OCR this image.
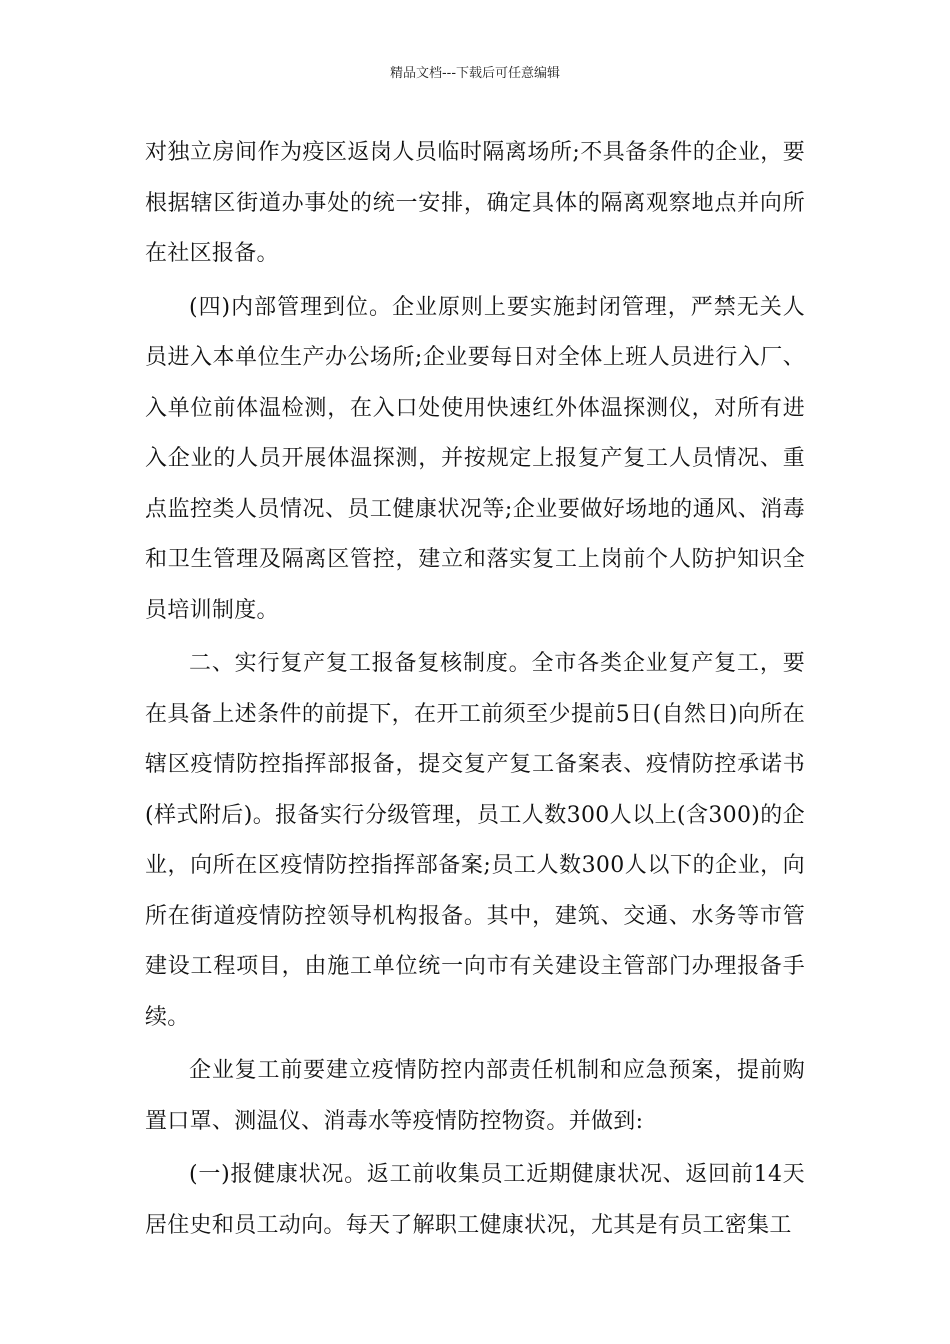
精品文档---下载后可任意编辑

对独立房间作为疫区返岗人员临时隔离场所;不具备条件的企业，要根据辖区街道办事处的统一安排，确定具体的隔离观察地点并向所在社区报备。

(四)内部管理到位。企业原则上要实施封闭管理，严禁无关人员进入本单位生产办公场所;企业要每日对全体上班人员进行入厂、入单位前体温检测，在入口处使用快速红外体温探测仪，对所有进入企业的人员开展体温探测，并按规定上报复产复工人员情况、重点监控类人员情况、员工健康状况等;企业要做好场地的通风、消毒和卫生管理及隔离区管控，建立和落实复工上岗前个人防护知识全员培训制度。

二、实行复产复工报备复核制度。全市各类企业复产复工，要在具备上述条件的前提下，在开工前须至少提前5日(自然日)向所在辖区疫情防控指挥部报备，提交复产复工备案表、疫情防控承诺书(样式附后)。报备实行分级管理，员工人数300人以上(含300)的企业，向所在区疫情防控指挥部备案;员工人数300人以下的企业，向所在街道疫情防控领导机构报备。其中，建筑、交通、水务等市管建设工程项目，由施工单位统一向市有关建设主管部门办理报备手续。

企业复工前要建立疫情防控内部责任机制和应急预案，提前购置口罩、测温仪、消毒水等疫情防控物资。并做到:

(一)报健康状况。返工前收集员工近期健康状况、返回前14天居住史和员工动向。每天了解职工健康状况，尤其是有员工密集工
